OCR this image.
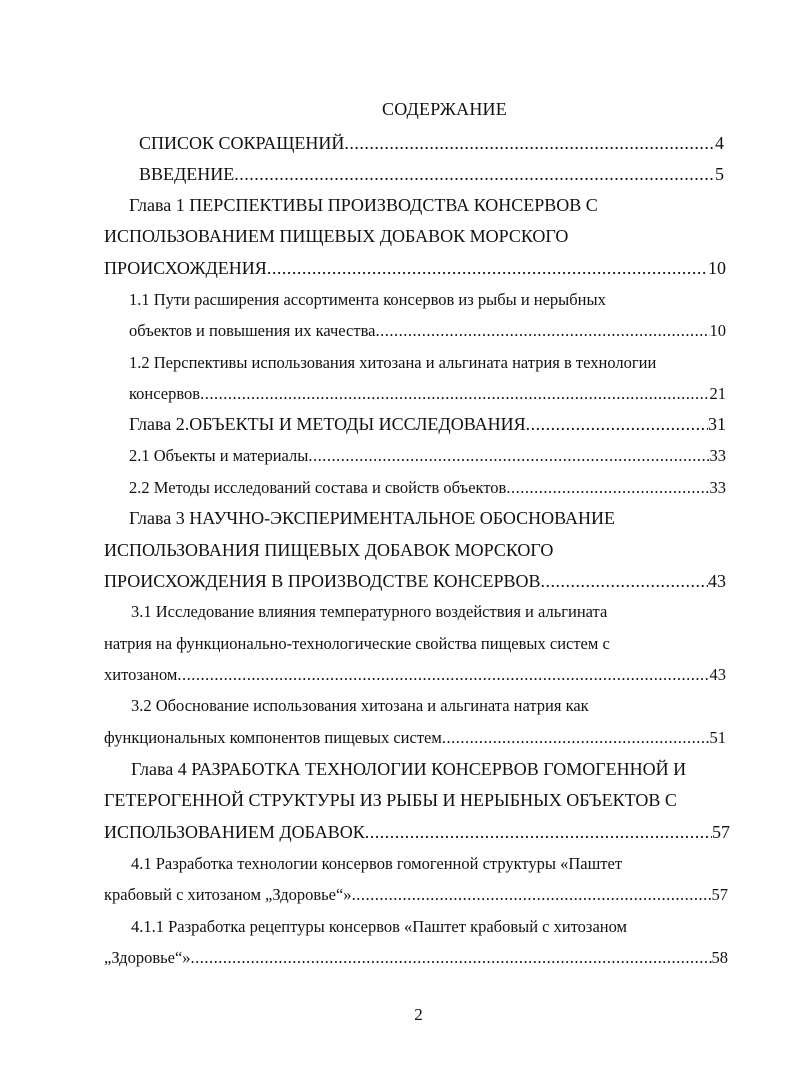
СОДЕРЖАНИЕ
СПИСОК СОКРАЩЕНИЙ .....	4
ВВЕДЕНИЕ .....	5
Глава 1 ПЕРСПЕКТИВЫ ПРОИЗВОДСТВА КОНСЕРВОВ С
ИСПОЛЬЗОВАНИЕМ ПИЩЕВЫХ ДОБАВОК МОРСКОГО
ПРОИСХОЖДЕНИЯ .....	10
1.1 Пути расширения ассортимента консервов из рыбы и нерыбных
объектов и повышения их качества .....	10
1.2 Перспективы использования хитозана и альгината натрия в технологии
консервов .....	21
Глава 2.ОБЪЕКТЫ И МЕТОДЫ ИССЛЕДОВАНИЯ .....	31
2.1 Объекты и материалы .....	33
2.2 Методы исследований состава и свойств объектов .....	33
Глава 3 НАУЧНО-ЭКСПЕРИМЕНТАЛЬНОЕ ОБОСНОВАНИЕ
ИСПОЛЬЗОВАНИЯ ПИЩЕВЫХ ДОБАВОК МОРСКОГО
ПРОИСХОЖДЕНИЯ В ПРОИЗВОДСТВЕ КОНСЕРВОВ .....	43
3.1 Исследование влияния температурного воздействия и альгината
натрия на функционально-технологические свойства пищевых систем с
хитозаном .....	43
3.2 Обоснование использования хитозана и альгината натрия как
функциональных компонентов пищевых систем .....	51
Глава 4 РАЗРАБОТКА ТЕХНОЛОГИИ КОНСЕРВОВ ГОМОГЕННОЙ И
ГЕТЕРОГЕННОЙ СТРУКТУРЫ ИЗ РЫБЫ И НЕРЫБНЫХ ОБЪЕКТОВ С
ИСПОЛЬЗОВАНИЕМ ДОБАВОК .....	57
4.1 Разработка технологии консервов гомогенной структуры «Паштет
крабовый с хитозаном „Здоровье“» .....	57
4.1.1 Разработка рецептуры консервов «Паштет крабовый с хитозаном
„Здоровье“» .....	58
2
